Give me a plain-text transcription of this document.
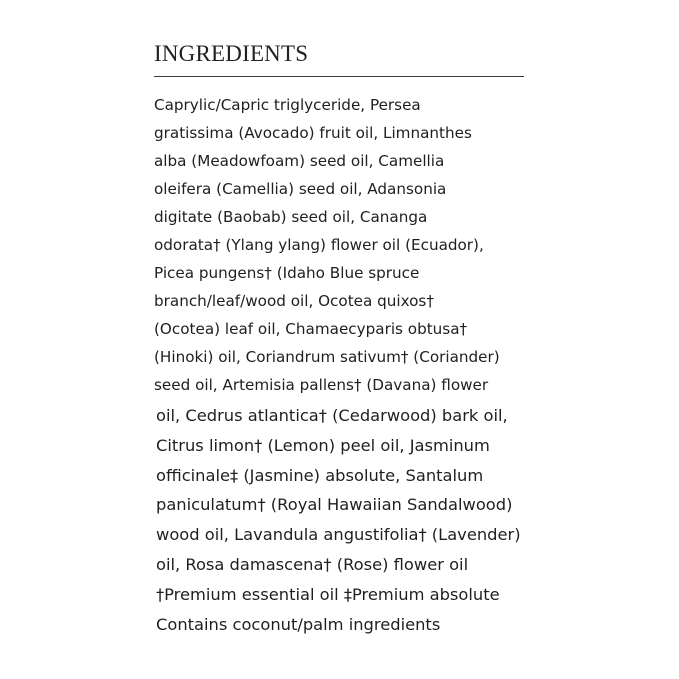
INGREDIENTS
Caprylic/Capric triglyceride, Persea
gratissima (Avocado) fruit oil, Limnanthes
alba (Meadowfoam) seed oil, Camellia
oleifera (Camellia) seed oil, Adansonia
digitate (Baobab) seed oil, Cananga
odorata† (Ylang ylang) flower oil (Ecuador),
Picea pungens† (Idaho Blue spruce
branch/leaf/wood oil, Ocotea quixos†
(Ocotea) leaf oil, Chamaecyparis obtusa†
(Hinoki) oil, Coriandrum sativum† (Coriander)
seed oil, Artemisia pallens† (Davana) flower
oil, Cedrus atlantica† (Cedarwood) bark oil,
Citrus limon† (Lemon) peel oil, Jasminum
officinale‡ (Jasmine) absolute, Santalum
paniculatum† (Royal Hawaiian Sandalwood)
wood oil, Lavandula angustifolia† (Lavender)
oil, Rosa damascena† (Rose) flower oil
†Premium essential oil ‡Premium absolute
Contains coconut/palm ingredients
